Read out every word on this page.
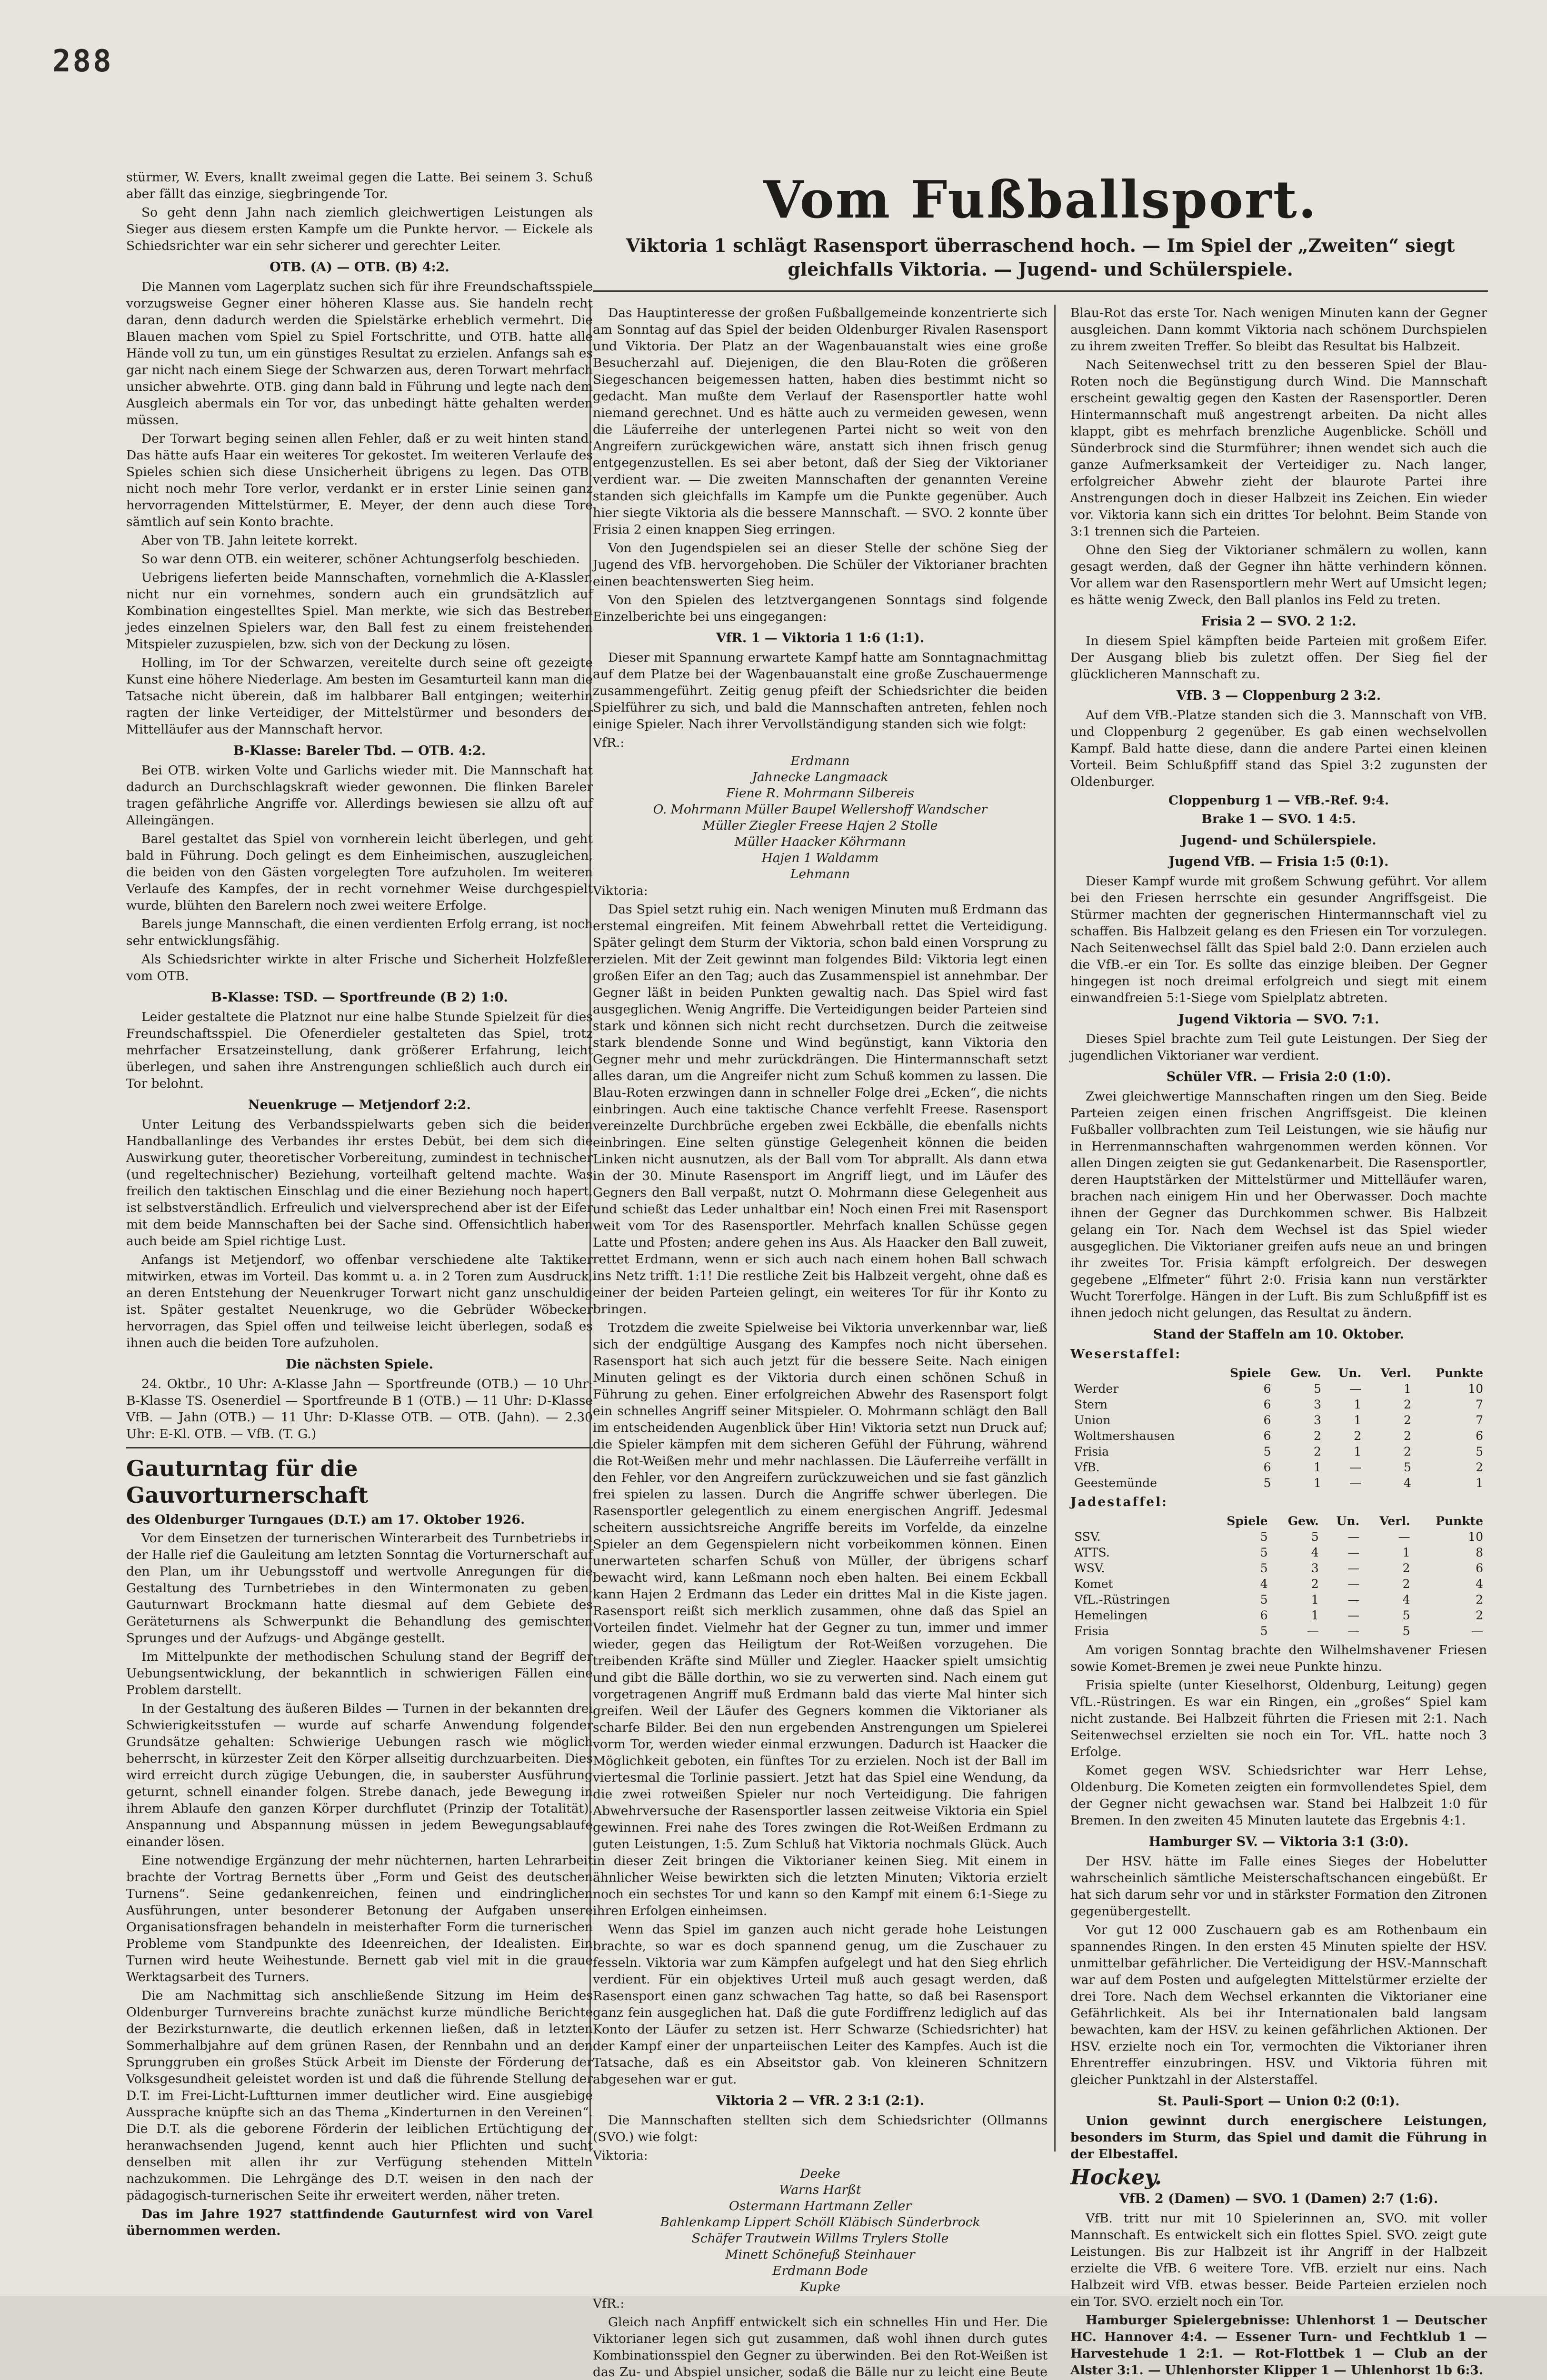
288
Vom Fußballsport.
Viktoria 1 schlägt Rasensport überraschend hoch. — Im Spiel der „Zweiten“ siegt gleichfalls Viktoria. — Jugend- und Schülerspiele.

stürmer, W. Evers, knallt zweimal gegen die Latte. Bei seinem 3. Schuß aber fällt das einzige, siegbringende Tor.

So geht denn Jahn nach ziemlich gleichwertigen Leistungen als Sieger aus diesem ersten Kampfe um die Punkte hervor. — Eickele als Schiedsrichter war ein sehr sicherer und gerechter Leiter.

OTB. (A) — OTB. (B) 4:2.

Die Mannen vom Lagerplatz suchen sich für ihre Freundschaftsspiele vorzugsweise Gegner einer höheren Klasse aus. Sie handeln recht daran, denn dadurch werden die Spielstärke erheblich vermehrt. Die Blauen machen vom Spiel zu Spiel Fortschritte, und OTB. hatte alle Hände voll zu tun, um ein günstiges Resultat zu erzielen. Anfangs sah es gar nicht nach einem Siege der Schwarzen aus, deren Torwart mehrfach unsicher abwehrte. OTB. ging dann bald in Führung und legte nach dem Ausgleich abermals ein Tor vor, das unbedingt hätte gehalten werden müssen.

Der Torwart beging seinen allen Fehler, daß er zu weit hinten stand. Das hätte aufs Haar ein weiteres Tor gekostet. Im weiteren Verlaufe des Spieles schien sich diese Unsicherheit übrigens zu legen. Das OTB. nicht noch mehr Tore verlor, verdankt er in erster Linie seinen ganz hervorragenden Mittelstürmer, E. Meyer, der denn auch diese Tore sämtlich auf sein Konto brachte.

Aber von TB. Jahn leitete korrekt.

So war denn OTB. ein weiterer, schöner Achtungserfolg beschieden.

Uebrigens lieferten beide Mannschaften, vornehmlich die A-Klassler, nicht nur ein vornehmes, sondern auch ein grundsätzlich auf Kombination eingestelltes Spiel. Man merkte, wie sich das Bestreben jedes einzelnen Spielers war, den Ball fest zu einem freistehenden Mitspieler zuzuspielen, bzw. sich von der Deckung zu lösen.

Holling, im Tor der Schwarzen, vereitelte durch seine oft gezeigte Kunst eine höhere Niederlage. Am besten im Gesamturteil kann man die Tatsache nicht überein, daß im halbbarer Ball entgingen; weiterhin ragten der linke Verteidiger, der Mittelstürmer und besonders der Mittelläufer aus der Mannschaft hervor.

B-Klasse: Bareler Tbd. — OTB. 4:2.

Bei OTB. wirken Volte und Garlichs wieder mit. Die Mannschaft hat dadurch an Durchschlagskraft wieder gewonnen. Die flinken Bareler tragen gefährliche Angriffe vor. Allerdings bewiesen sie allzu oft auf Alleingängen.

Barel gestaltet das Spiel von vornherein leicht überlegen, und geht bald in Führung. Doch gelingt es dem Einheimischen, auszugleichen, die beiden von den Gästen vorgelegten Tore aufzuholen. Im weiteren Verlaufe des Kampfes, der in recht vornehmer Weise durchgespielt wurde, blühten den Barelern noch zwei weitere Erfolge.

Barels junge Mannschaft, die einen verdienten Erfolg errang, ist noch sehr entwicklungsfähig.

Als Schiedsrichter wirkte in alter Frische und Sicherheit Holzfeßler vom OTB.

B-Klasse: TSD. — Sportfreunde (B 2) 1:0.

Leider gestaltete die Platznot nur eine halbe Stunde Spielzeit für dies Freundschaftsspiel. Die Ofenerdieler gestalteten das Spiel, trotz mehrfacher Ersatzeinstellung, dank größerer Erfahrung, leicht überlegen, und sahen ihre Anstrengungen schließlich auch durch ein Tor belohnt.

Neuenkruge — Metjendorf 2:2.

Unter Leitung des Verbandsspielwarts geben sich die beiden Handballanlinge des Verbandes ihr erstes Debüt, bei dem sich die Auswirkung guter, theoretischer Vorbereitung, zumindest in technischer (und regeltechnischer) Beziehung, vorteilhaft geltend machte. Was freilich den taktischen Einschlag und die einer Beziehung noch hapert, ist selbstverständlich. Erfreulich und vielversprechend aber ist der Eifer mit dem beide Mannschaften bei der Sache sind. Offensichtlich haben auch beide am Spiel richtige Lust.

Anfangs ist Metjendorf, wo offenbar verschiedene alte Taktiker mitwirken, etwas im Vorteil. Das kommt u. a. in 2 Toren zum Ausdruck, an deren Entstehung der Neuenkruger Torwart nicht ganz unschuldig ist. Später gestaltet Neuenkruge, wo die Gebrüder Wöbecker hervorragen, das Spiel offen und teilweise leicht überlegen, sodaß es ihnen auch die beiden Tore aufzuholen.

Die nächsten Spiele.

24. Oktbr., 10 Uhr: A-Klasse Jahn — Sportfreunde (OTB.) — 10 Uhr: B-Klasse TS. Osenerdiel — Sportfreunde B 1 (OTB.) — 11 Uhr: D-Klasse VfB. — Jahn (OTB.) — 11 Uhr: D-Klasse OTB. — OTB. (Jahn). — 2.30 Uhr: E-Kl. OTB. — VfB. (T. G.)

Gauturntag für die Gauvorturnerschaft

des Oldenburger Turngaues (D.T.) am 17. Oktober 1926.

Vor dem Einsetzen der turnerischen Winterarbeit des Turnbetriebs in der Halle rief die Gauleitung am letzten Sonntag die Vorturnerschaft auf den Plan, um ihr Uebungsstoff und wertvolle Anregungen für die Gestaltung des Turnbetriebes in den Wintermonaten zu geben. Gauturnwart Brockmann hatte diesmal auf dem Gebiete des Geräteturnens als Schwerpunkt die Behandlung des gemischten Sprunges und der Aufzugs- und Abgänge gestellt.

Im Mittelpunkte der methodischen Schulung stand der Begriff der Uebungsentwicklung, der bekanntlich in schwierigen Fällen eine Problem darstellt.

In der Gestaltung des äußeren Bildes — Turnen in der bekannten drei Schwierigkeitsstufen — wurde auf scharfe Anwendung folgender Grundsätze gehalten: Schwierige Uebungen rasch wie möglich beherrscht, in kürzester Zeit den Körper allseitig durchzuarbeiten. Dies wird erreicht durch zügige Uebungen, die, in sauberster Ausführung geturnt, schnell einander folgen. Strebe danach, jede Bewegung in ihrem Ablaufe den ganzen Körper durchflutet (Prinzip der Totalität). Anspannung und Abspannung müssen in jedem Bewegungsablaufe einander lösen.

Eine notwendige Ergänzung der mehr nüchternen, harten Lehrarbeit brachte der Vortrag Bernetts über „Form und Geist des deutschen Turnens“. Seine gedankenreichen, feinen und eindringlichen Ausführungen, unter besonderer Betonung der Aufgaben unsere Organisationsfragen behandeln in meisterhafter Form die turnerischen Probleme vom Standpunkte des Ideenreichen, der Idealisten. Ein Turnen wird heute Weihestunde. Bernett gab viel mit in die graue Werktagsarbeit des Turners.

Die am Nachmittag sich anschließende Sitzung im Heim des Oldenburger Turnvereins brachte zunächst kurze mündliche Berichte der Bezirksturnwarte, die deutlich erkennen ließen, daß in letzten Sommerhalbjahre auf dem grünen Rasen, der Rennbahn und an den Sprunggruben ein großes Stück Arbeit im Dienste der Förderung der Volksgesundheit geleistet worden ist und daß die führende Stellung der D.T. im Frei-Licht-Luftturnen immer deutlicher wird. Eine ausgiebige Aussprache knüpfte sich an das Thema „Kinderturnen in den Vereinen“. Die D.T. als die geborene Förderin der leiblichen Ertüchtigung der heranwachsenden Jugend, kennt auch hier Pflichten und sucht denselben mit allen ihr zur Verfügung stehenden Mitteln nachzukommen. Die Lehrgänge des D.T. weisen in den nach der pädagogisch-turnerischen Seite ihr erweitert werden, näher treten.

Das im Jahre 1927 stattfindende Gauturnfest wird von Varel übernommen werden.

Das Hauptinteresse der großen Fußballgemeinde konzentrierte sich am Sonntag auf das Spiel der beiden Oldenburger Rivalen Rasensport und Viktoria. Der Platz an der Wagenbauanstalt wies eine große Besucherzahl auf. Diejenigen, die den Blau-Roten die größeren Siegeschancen beigemessen hatten, haben dies bestimmt nicht so gedacht. Man mußte dem Verlauf der Rasensportler hatte wohl niemand gerechnet. Und es hätte auch zu vermeiden gewesen, wenn die Läuferreihe der unterlegenen Partei nicht so weit von den Angreifern zurückgewichen wäre, anstatt sich ihnen frisch genug entgegenzustellen. Es sei aber betont, daß der Sieg der Viktorianer verdient war. — Die zweiten Mannschaften der genannten Vereine standen sich gleichfalls im Kampfe um die Punkte gegenüber. Auch hier siegte Viktoria als die bessere Mannschaft. — SVO. 2 konnte über Frisia 2 einen knappen Sieg erringen.

Von den Jugendspielen sei an dieser Stelle der schöne Sieg der Jugend des VfB. hervorgehoben. Die Schüler der Viktorianer brachten einen beachtenswerten Sieg heim.

Von den Spielen des letztvergangenen Sonntags sind folgende Einzelberichte bei uns eingegangen:

VfR. 1 — Viktoria 1 1:6 (1:1).

Dieser mit Spannung erwartete Kampf hatte am Sonntagnachmittag auf dem Platze bei der Wagenbauanstalt eine große Zuschauermenge zusammengeführt. Zeitig genug pfeift der Schiedsrichter die beiden Spielführer zu sich, und bald die Mannschaften antreten, fehlen noch einige Spieler. Nach ihrer Vervollständigung standen sich wie folgt:

VfR.:

Erdmann
Jahnecke Langmaack
Fiene R. Mohrmann Silbereis
O. Mohrmann Müller Baupel Wellershoff Wandscher
Müller Ziegler Freese Hajen 2 Stolle
Müller Haacker Köhrmann
Hajen 1 Waldamm
Lehmann

Viktoria:

Das Spiel setzt ruhig ein. Nach wenigen Minuten muß Erdmann das erstemal eingreifen. Mit feinem Abwehrball rettet die Verteidigung. Später gelingt dem Sturm der Viktoria, schon bald einen Vorsprung zu erzielen. Mit der Zeit gewinnt man folgendes Bild: Viktoria legt einen großen Eifer an den Tag; auch das Zusammenspiel ist annehmbar. Der Gegner läßt in beiden Punkten gewaltig nach. Das Spiel wird fast ausgeglichen. Wenig Angriffe. Die Verteidigungen beider Parteien sind stark und können sich nicht recht durchsetzen. Durch die zeitweise stark blendende Sonne und Wind begünstigt, kann Viktoria den Gegner mehr und mehr zurückdrängen. Die Hintermannschaft setzt alles daran, um die Angreifer nicht zum Schuß kommen zu lassen. Die Blau-Roten erzwingen dann in schneller Folge drei „Ecken“, die nichts einbringen. Auch eine taktische Chance verfehlt Freese. Rasensport vereinzelte Durchbrüche ergeben zwei Eckbälle, die ebenfalls nichts einbringen. Eine selten günstige Gelegenheit können die beiden Linken nicht ausnutzen, als der Ball vom Tor abprallt. Als dann etwa in der 30. Minute Rasensport im Angriff liegt, und im Läufer des Gegners den Ball verpaßt, nutzt O. Mohrmann diese Gelegenheit aus und schießt das Leder unhaltbar ein! Noch einen Frei mit Rasensport weit vom Tor des Rasensportler. Mehrfach knallen Schüsse gegen Latte und Pfosten; andere gehen ins Aus. Als Haacker den Ball zuweit, rettet Erdmann, wenn er sich auch nach einem hohen Ball schwach ins Netz trifft. 1:1! Die restliche Zeit bis Halbzeit vergeht, ohne daß es einer der beiden Parteien gelingt, ein weiteres Tor für ihr Konto zu bringen.

Trotzdem die zweite Spielweise bei Viktoria unverkennbar war, ließ sich der endgültige Ausgang des Kampfes noch nicht übersehen. Rasensport hat sich auch jetzt für die bessere Seite. Nach einigen Minuten gelingt es der Viktoria durch einen schönen Schuß in Führung zu gehen. Einer erfolgreichen Abwehr des Rasensport folgt ein schnelles Angriff seiner Mitspieler. O. Mohrmann schlägt den Ball im entscheidenden Augenblick über Hin! Viktoria setzt nun Druck auf; die Spieler kämpfen mit dem sicheren Gefühl der Führung, während die Rot-Weißen mehr und mehr nachlassen. Die Läuferreihe verfällt in den Fehler, vor den Angreifern zurückzuweichen und sie fast gänzlich frei spielen zu lassen. Durch die Angriffe schwer überlegen. Die Rasensportler gelegentlich zu einem energischen Angriff. Jedesmal scheitern aussichtsreiche Angriffe bereits im Vorfelde, da einzelne Spieler an dem Gegenspielern nicht vorbeikommen können. Einen unerwarteten scharfen Schuß von Müller, der übrigens scharf bewacht wird, kann Leßmann noch eben halten. Bei einem Eckball kann Hajen 2 Erdmann das Leder ein drittes Mal in die Kiste jagen. Rasensport reißt sich merklich zusammen, ohne daß das Spiel an Vorteilen findet. Vielmehr hat der Gegner zu tun, immer und immer wieder, gegen das Heiligtum der Rot-Weißen vorzugehen. Die treibenden Kräfte sind Müller und Ziegler. Haacker spielt umsichtig und gibt die Bälle dorthin, wo sie zu verwerten sind. Nach einem gut vorgetragenen Angriff muß Erdmann bald das vierte Mal hinter sich greifen. Weil der Läufer des Gegners kommen die Viktorianer als scharfe Bilder. Bei den nun ergebenden Anstrengungen um Spielerei vorm Tor, werden wieder einmal erzwungen. Dadurch ist Haacker die Möglichkeit geboten, ein fünftes Tor zu erzielen. Noch ist der Ball im viertesmal die Torlinie passiert. Jetzt hat das Spiel eine Wendung, da die zwei rotweißen Spieler nur noch Verteidigung. Die fahrigen Abwehrversuche der Rasensportler lassen zeitweise Viktoria ein Spiel gewinnen. Frei nahe des Tores zwingen die Rot-Weißen Erdmann zu guten Leistungen, 1:5. Zum Schluß hat Viktoria nochmals Glück. Auch in dieser Zeit bringen die Viktorianer keinen Sieg. Mit einem in ähnlicher Weise bewirkten sich die letzten Minuten; Viktoria erzielt noch ein sechstes Tor und kann so den Kampf mit einem 6:1-Siege zu ihren Erfolgen einheimsen.

Wenn das Spiel im ganzen auch nicht gerade hohe Leistungen brachte, so war es doch spannend genug, um die Zuschauer zu fesseln. Viktoria war zum Kämpfen aufgelegt und hat den Sieg ehrlich verdient. Für ein objektives Urteil muß auch gesagt werden, daß Rasensport einen ganz schwachen Tag hatte, so daß bei Rasensport ganz fein ausgeglichen hat. Daß die gute Fordiffrenz lediglich auf das Konto der Läufer zu setzen ist. Herr Schwarze (Schiedsrichter) hat der Kampf einer der unparteiischen Leiter des Kampfes. Auch ist die Tatsache, daß es ein Abseitstor gab. Von kleineren Schnitzern abgesehen war er gut.

Viktoria 2 — VfR. 2 3:1 (2:1).

Die Mannschaften stellten sich dem Schiedsrichter (Ollmanns (SVO.) wie folgt:

Viktoria:

Deeke
Warns Harßt
Ostermann Hartmann Zeller
Bahlenkamp Lippert Schöll Kläbisch Sünderbrock
Schäfer Trautwein Willms Trylers Stolle
Minett Schönefuß Steinhauer
Erdmann Bode
Kupke

VfR.:

Gleich nach Anpfiff entwickelt sich ein schnelles Hin und Her. Die Viktorianer legen sich gut zusammen, daß wohl ihnen durch gutes Kombinationsspiel den Gegner zu überwinden. Bei den Rot-Weißen ist das Zu- und Abspiel unsicher, sodaß die Bälle nur zu leicht eine Beute

Blau-Rot das erste Tor. Nach wenigen Minuten kann der Gegner ausgleichen. Dann kommt Viktoria nach schönem Durchspielen zu ihrem zweiten Treffer. So bleibt das Resultat bis Halbzeit.

Nach Seitenwechsel tritt zu den besseren Spiel der Blau-Roten noch die Begünstigung durch Wind. Die Mannschaft erscheint gewaltig gegen den Kasten der Rasensportler. Deren Hintermannschaft muß angestrengt arbeiten. Da nicht alles klappt, gibt es mehrfach brenzliche Augenblicke. Schöll und Sünderbrock sind die Sturmführer; ihnen wendet sich auch die ganze Aufmerksamkeit der Verteidiger zu. Nach langer, erfolgreicher Abwehr zieht der blaurote Partei ihre Anstrengungen doch in dieser Halbzeit ins Zeichen. Ein wieder vor. Viktoria kann sich ein drittes Tor belohnt. Beim Stande von 3:1 trennen sich die Parteien.

Ohne den Sieg der Viktorianer schmälern zu wollen, kann gesagt werden, daß der Gegner ihn hätte verhindern können. Vor allem war den Rasensportlern mehr Wert auf Umsicht legen; es hätte wenig Zweck, den Ball planlos ins Feld zu treten.

Frisia 2 — SVO. 2 1:2.

In diesem Spiel kämpften beide Parteien mit großem Eifer. Der Ausgang blieb bis zuletzt offen. Der Sieg fiel der glücklicheren Mannschaft zu.

VfB. 3 — Cloppenburg 2 3:2.

Auf dem VfB.-Platze standen sich die 3. Mannschaft von VfB. und Cloppenburg 2 gegenüber. Es gab einen wechselvollen Kampf. Bald hatte diese, dann die andere Partei einen kleinen Vorteil. Beim Schlußpfiff stand das Spiel 3:2 zugunsten der Oldenburger.

Cloppenburg 1 — VfB.-Ref. 9:4.

Brake 1 — SVO. 1 4:5.

Jugend- und Schülerspiele.
Jugend VfB. — Frisia 1:5 (0:1).

Dieser Kampf wurde mit großem Schwung geführt. Vor allem bei den Friesen herrschte ein gesunder Angriffsgeist. Die Stürmer machten der gegnerischen Hintermannschaft viel zu schaffen. Bis Halbzeit gelang es den Friesen ein Tor vorzulegen. Nach Seitenwechsel fällt das Spiel bald 2:0. Dann erzielen auch die VfB.-er ein Tor. Es sollte das einzige bleiben. Der Gegner hingegen ist noch dreimal erfolgreich und siegt mit einem einwandfreien 5:1-Siege vom Spielplatz abtreten.

Jugend Viktoria — SVO. 7:1.

Dieses Spiel brachte zum Teil gute Leistungen. Der Sieg der jugendlichen Viktorianer war verdient.

Schüler VfR. — Frisia 2:0 (1:0).

Zwei gleichwertige Mannschaften ringen um den Sieg. Beide Parteien zeigen einen frischen Angriffsgeist. Die kleinen Fußballer vollbrachten zum Teil Leistungen, wie sie häufig nur in Herrenmannschaften wahrgenommen werden können. Vor allen Dingen zeigten sie gut Gedankenarbeit. Die Rasensportler, deren Hauptstärken der Mittelstürmer und Mittelläufer waren, brachen nach einigem Hin und her Oberwasser. Doch machte ihnen der Gegner das Durchkommen schwer. Bis Halbzeit gelang ein Tor. Nach dem Wechsel ist das Spiel wieder ausgeglichen. Die Viktorianer greifen aufs neue an und bringen ihr zweites Tor. Frisia kämpft erfolgreich. Der deswegen gegebene „Elfmeter“ führt 2:0. Frisia kann nun verstärkter Wucht Torerfolge. Hängen in der Luft. Bis zum Schlußpfiff ist es ihnen jedoch nicht gelungen, das Resultat zu ändern.

Stand der Staffeln am 10. Oktober.
Weserstaffel:
	Spiele	Gew.	Un.	Verl.	Punkte
Werder	6	5	—	1	10
Stern	6	3	1	2	7
Union	6	3	1	2	7
Woltmershausen	6	2	2	2	6
Frisia	5	2	1	2	5
VfB.	6	1	—	5	2
Geestemünde	5	1	—	4	1
Jadestaffel:
	Spiele	Gew.	Un.	Verl.	Punkte
SSV.	5	5	—	—	10
ATTS.	5	4	—	1	8
WSV.	5	3	—	2	6
Komet	4	2	—	2	4
VfL.-Rüstringen	5	1	—	4	2
Hemelingen	6	1	—	5	2
Frisia	5	—	—	5	—

Am vorigen Sonntag brachte den Wilhelmshavener Friesen sowie Komet-Bremen je zwei neue Punkte hinzu.

Frisia spielte (unter Kieselhorst, Oldenburg, Leitung) gegen VfL.-Rüstringen. Es war ein Ringen, ein „großes“ Spiel kam nicht zustande. Bei Halbzeit führten die Friesen mit 2:1. Nach Seitenwechsel erzielten sie noch ein Tor. VfL. hatte noch 3 Erfolge.

Komet gegen WSV. Schiedsrichter war Herr Lehse, Oldenburg. Die Kometen zeigten ein formvollendetes Spiel, dem der Gegner nicht gewachsen war. Stand bei Halbzeit 1:0 für Bremen. In den zweiten 45 Minuten lautete das Ergebnis 4:1.

Hamburger SV. — Viktoria 3:1 (3:0).

Der HSV. hätte im Falle eines Sieges der Hobelutter wahrscheinlich sämtliche Meisterschaftschancen eingebüßt. Er hat sich darum sehr vor und in stärkster Formation den Zitronen gegenübergestellt.

Vor gut 12 000 Zuschauern gab es am Rothenbaum ein spannendes Ringen. In den ersten 45 Minuten spielte der HSV. unmittelbar gefährlicher. Die Verteidigung der HSV.-Mannschaft war auf dem Posten und aufgelegten Mittelstürmer erzielte der drei Tore. Nach dem Wechsel erkannten die Viktorianer eine Gefährlichkeit. Als bei ihr Internationalen bald langsam bewachten, kam der HSV. zu keinen gefährlichen Aktionen. Der HSV. erzielte noch ein Tor, vermochten die Viktorianer ihren Ehrentreffer einzubringen. HSV. und Viktoria führen mit gleicher Punktzahl in der Alsterstaffel.

St. Pauli-Sport — Union 0:2 (0:1).

Union gewinnt durch energischere Leistungen, besonders im Sturm, das Spiel und damit die Führung in der Elbestaffel.

Hockey.
VfB. 2 (Damen) — SVO. 1 (Damen) 2:7 (1:6).

VfB. tritt nur mit 10 Spielerinnen an, SVO. mit voller Mannschaft. Es entwickelt sich ein flottes Spiel. SVO. zeigt gute Leistungen. Bis zur Halbzeit ist ihr Angriff in der Halbzeit erzielte die VfB. 6 weitere Tore. VfB. erzielt nur eins. Nach Halbzeit wird VfB. etwas besser. Beide Parteien erzielen noch ein Tor. SVO. erzielt noch ein Tor.

Hamburger Spielergebnisse: Uhlenhorst 1 — Deutscher HC. Hannover 4:4. — Essener Turn- und Fechtklub 1 — Harvestehude 1 2:1. — Rot-Flottbek 1 — Club an der Alster 3:1. — Uhlenhorster Klipper 1 — Uhlenhorst 1b 6:3.
